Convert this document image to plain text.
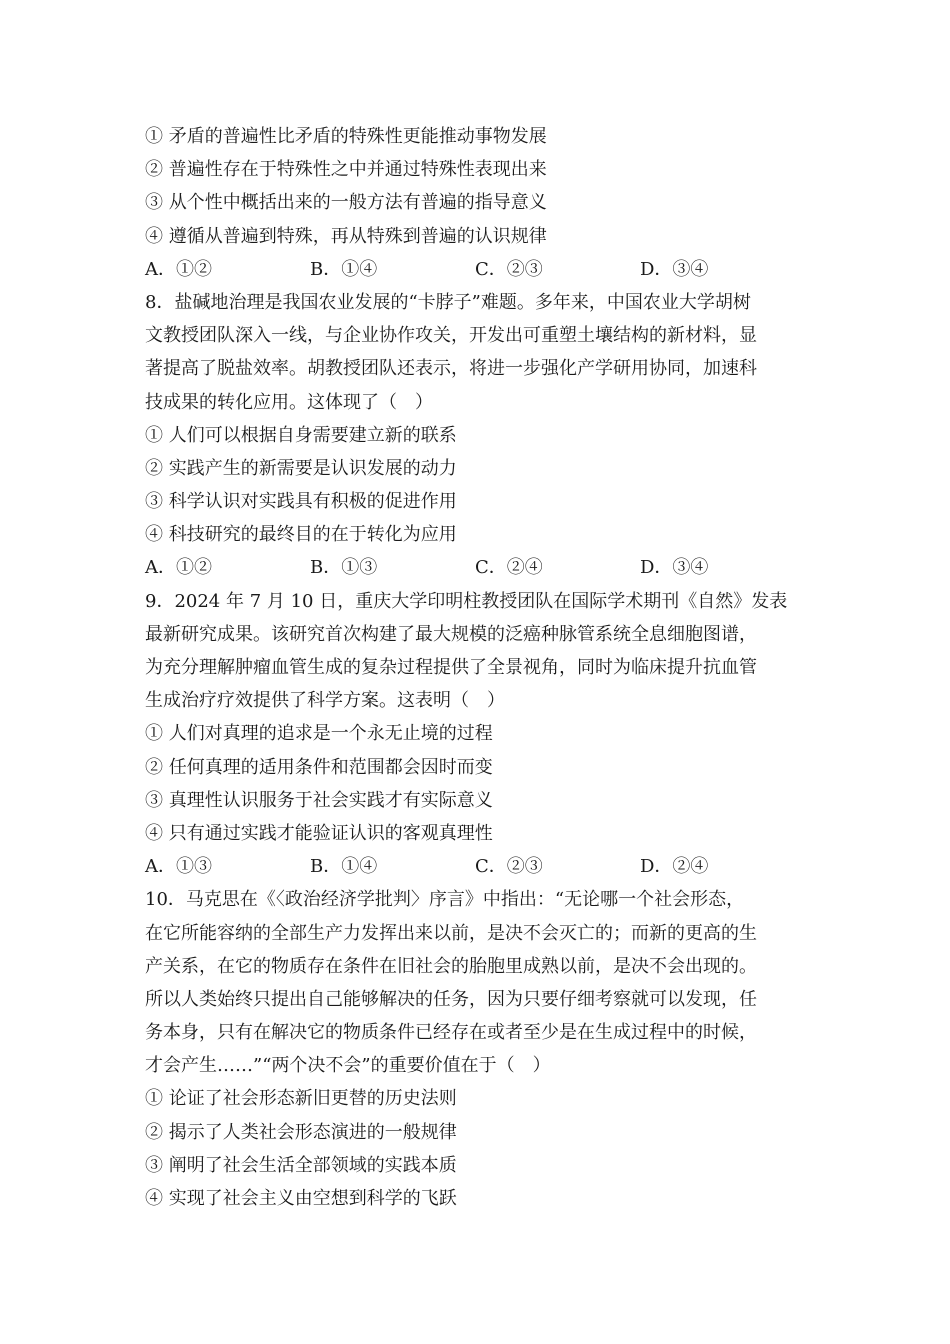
① 矛盾的普遍性比矛盾的特殊性更能推动事物发展
② 普遍性存在于特殊性之中并通过特殊性表现出来
③ 从个性中概括出来的一般方法有普遍的指导意义
④ 遵循从普遍到特殊，再从特殊到普遍的认识规律
A．①②	B．①④	C．②③	D．③④
8．盐碱地治理是我国农业发展的“卡脖子”难题。多年来，中国农业大学胡树
文教授团队深入一线，与企业协作攻关，开发出可重塑土壤结构的新材料，显
著提高了脱盐效率。胡教授团队还表示，将进一步强化产学研用协同，加速科
技成果的转化应用。这体现了（　）
① 人们可以根据自身需要建立新的联系
② 实践产生的新需要是认识发展的动力
③ 科学认识对实践具有积极的促进作用
④ 科技研究的最终目的在于转化为应用
A．①②	B．①③	C．②④	D．③④
9．2024 年 7 月 10 日，重庆大学印明柱教授团队在国际学术期刊《自然》发表
最新研究成果。该研究首次构建了最大规模的泛癌种脉管系统全息细胞图谱，
为充分理解肿瘤血管生成的复杂过程提供了全景视角，同时为临床提升抗血管
生成治疗疗效提供了科学方案。这表明（　）
① 人们对真理的追求是一个永无止境的过程
② 任何真理的适用条件和范围都会因时而变
③ 真理性认识服务于社会实践才有实际意义
④ 只有通过实践才能验证认识的客观真理性
A．①③	B．①④	C．②③	D．②④
10．马克思在《〈政治经济学批判〉序言》中指出：“无论哪一个社会形态，
在它所能容纳的全部生产力发挥出来以前，是决不会灭亡的；而新的更高的生
产关系，在它的物质存在条件在旧社会的胎胞里成熟以前，是决不会出现的。
所以人类始终只提出自己能够解决的任务，因为只要仔细考察就可以发现，任
务本身，只有在解决它的物质条件已经存在或者至少是在生成过程中的时候，
才会产生……”“两个决不会”的重要价值在于（　）
① 论证了社会形态新旧更替的历史法则
② 揭示了人类社会形态演进的一般规律
③ 阐明了社会生活全部领域的实践本质
④ 实现了社会主义由空想到科学的飞跃
